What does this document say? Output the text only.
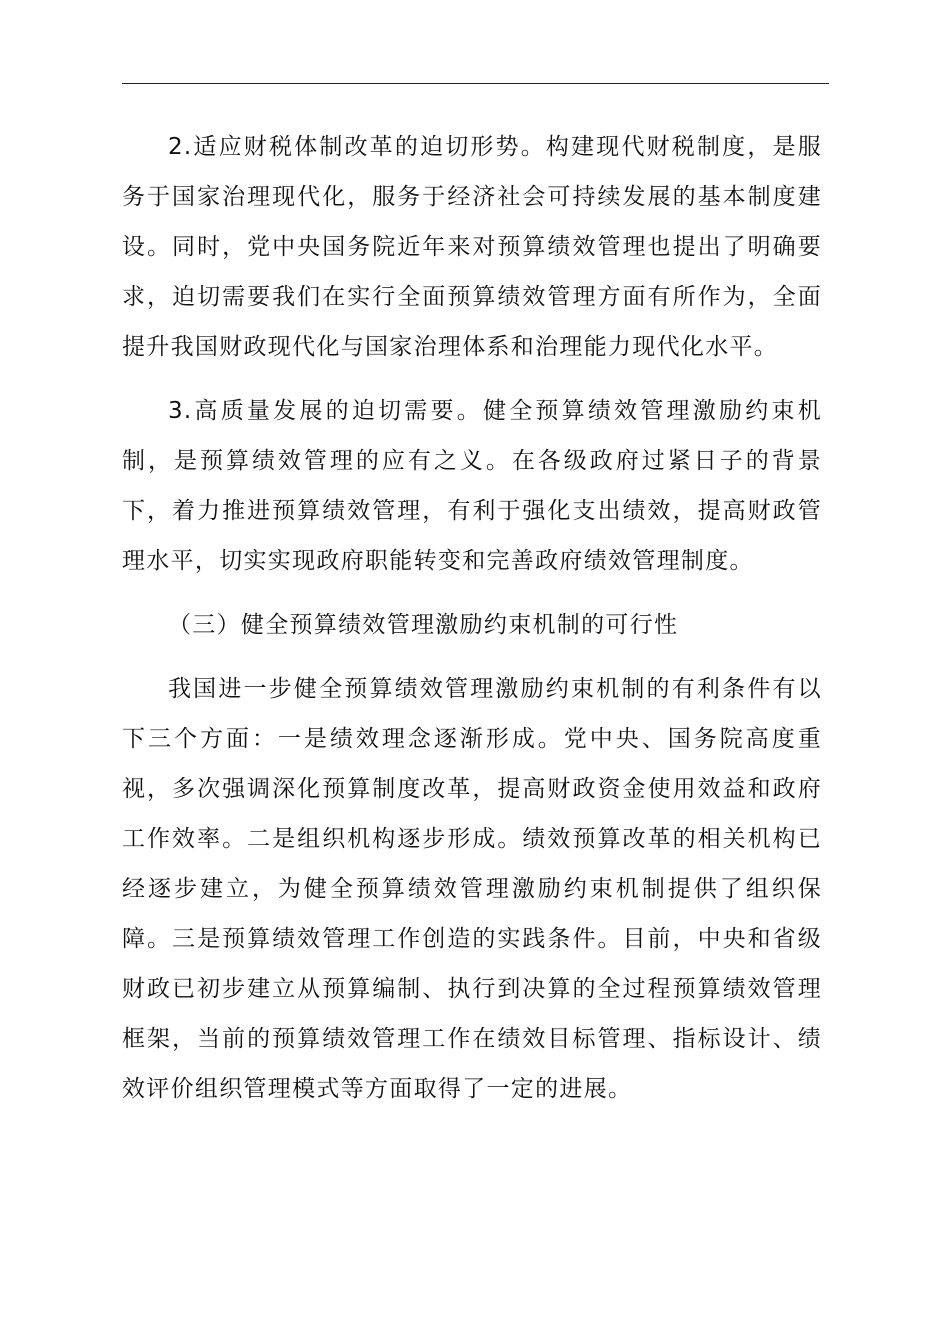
2.适应财税体制改革的迫切形势。构建现代财税制度，是服务于国家治理现代化，服务于经济社会可持续发展的基本制度建设。同时，党中央国务院近年来对预算绩效管理也提出了明确要求，迫切需要我们在实行全面预算绩效管理方面有所作为，全面提升我国财政现代化与国家治理体系和治理能力现代化水平。

3.高质量发展的迫切需要。健全预算绩效管理激励约束机制，是预算绩效管理的应有之义。在各级政府过紧日子的背景下，着力推进预算绩效管理，有利于强化支出绩效，提高财政管理水平，切实实现政府职能转变和完善政府绩效管理制度。

（三）健全预算绩效管理激励约束机制的可行性

我国进一步健全预算绩效管理激励约束机制的有利条件有以下三个方面：一是绩效理念逐渐形成。党中央、国务院高度重视，多次强调深化预算制度改革，提高财政资金使用效益和政府工作效率。二是组织机构逐步形成。绩效预算改革的相关机构已经逐步建立，为健全预算绩效管理激励约束机制提供了组织保障。三是预算绩效管理工作创造的实践条件。目前，中央和省级财政已初步建立从预算编制、执行到决算的全过程预算绩效管理框架，当前的预算绩效管理工作在绩效目标管理、指标设计、绩效评价组织管理模式等方面取得了一定的进展。
